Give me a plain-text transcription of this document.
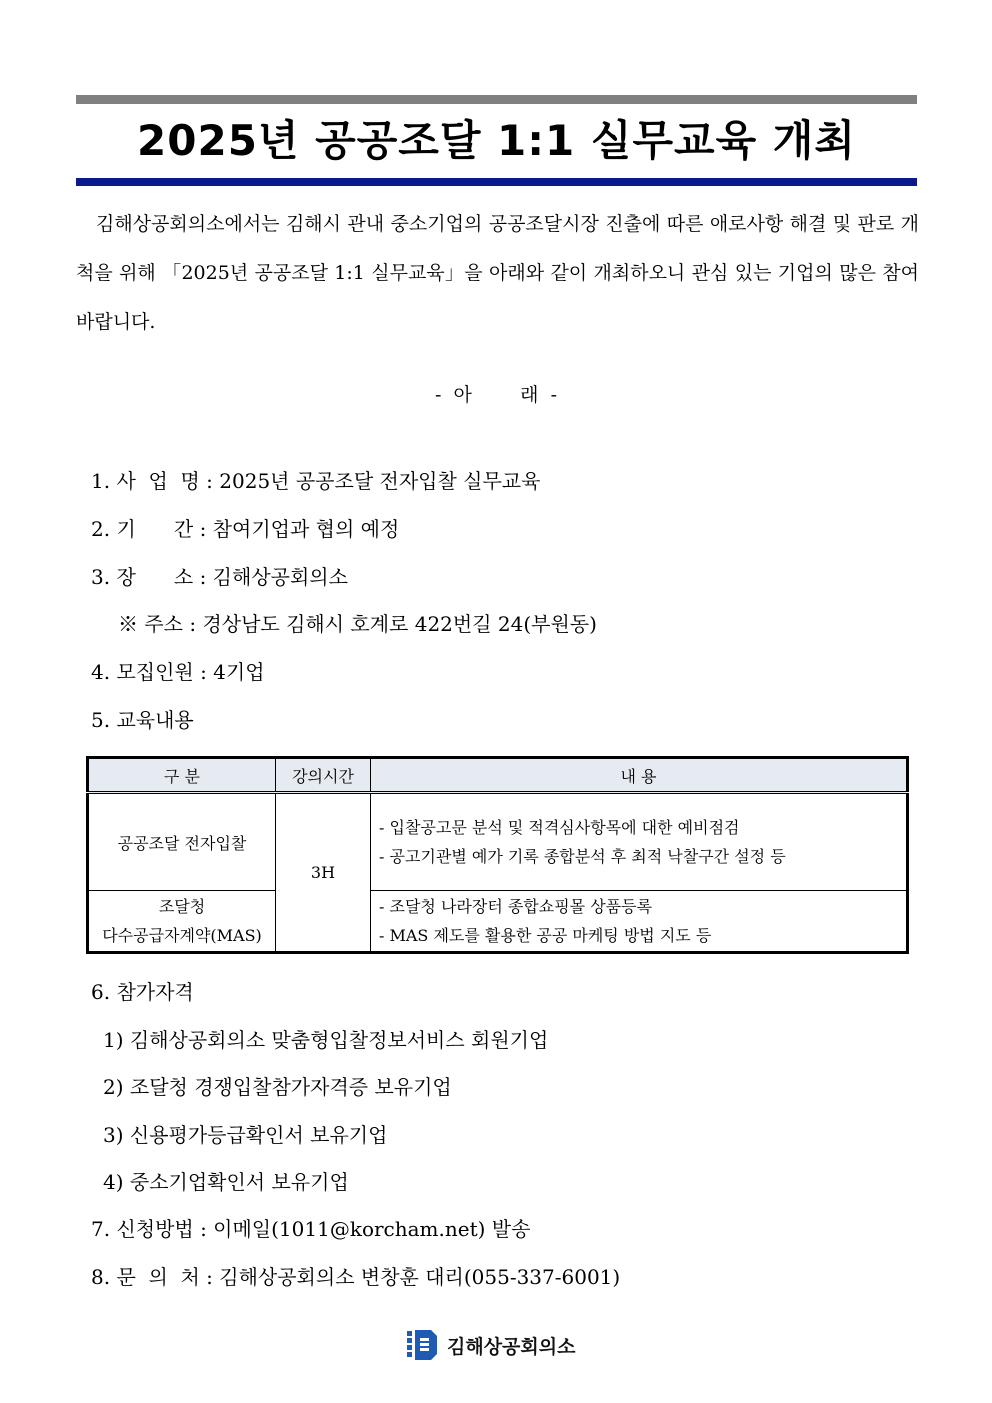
2025년 공공조달 1:1 실무교육 개최
김해상공회의소에서는 김해시 관내 중소기업의 공공조달시장 진출에 따른 애로사항 해결 및 판로 개척을 위해 「2025년 공공조달 1:1 실무교육」을 아래와 같이 개최하오니 관심 있는 기업의 많은 참여 바랍니다.
-  아        래  -
1. 사  업  명 : 2025년 공공조달 전자입찰 실무교육
2. 기      간 : 참여기업과 협의 예정
3. 장      소 : 김해상공회의소
※ 주소 : 경상남도 김해시 호계로 422번길 24(부원동)
4. 모집인원 : 4기업
5. 교육내용
구 분	강의시간	내 용
공공조달 전자입찰	3H	- 입찰공고문 분석 및 적격심사항목에 대한 예비점검
- 공고기관별 예가 기록 종합분석 후 최적 낙찰구간 설정 등

조달청
다수공급자계약(MAS)		- 조달청 나라장터 종합쇼핑몰 상품등록
- MAS 제도를 활용한 공공 마케팅 방법 지도 등
6. 참가자격
1) 김해상공회의소 맞춤형입찰정보서비스 회원기업
2) 조달청 경쟁입찰참가자격증 보유기업
3) 신용평가등급확인서 보유기업
4) 중소기업확인서 보유기업
7. 신청방법 : 이메일(1011@korcham.net) 발송
8. 문  의  처 : 김해상공회의소 변창훈 대리(055-337-6001)
김해상공회의소
